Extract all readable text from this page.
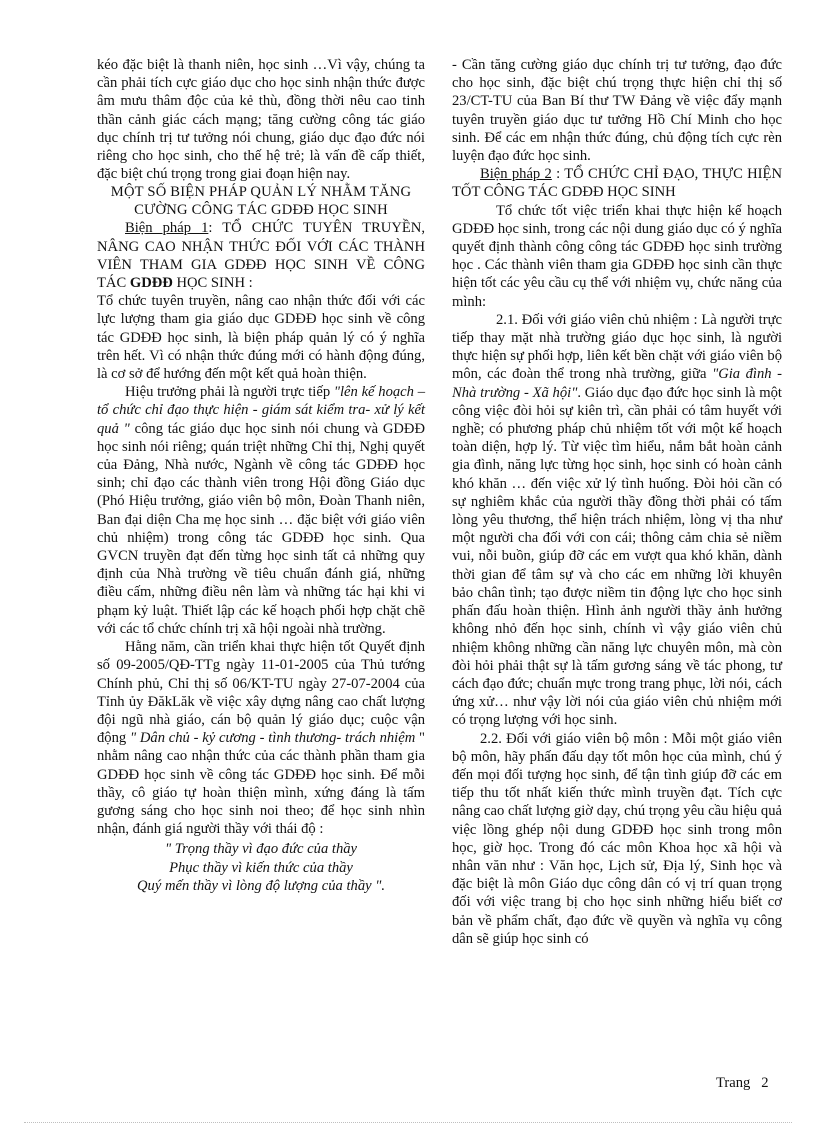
kéo đặc biệt là thanh niên, học sinh …Vì vậy, chúng ta cần phải tích cực giáo dục cho học sinh nhận thức được âm mưu thâm độc của kẻ thù, đồng thời nêu cao tinh thần cảnh giác cách mạng; tăng cường công tác giáo dục chính trị tư tưởng nói chung, giáo dục đạo đức nói riêng cho học sinh, cho thế hệ trẻ; là vấn đề cấp thiết, đặc biệt chú trọng trong giai đoạn hiện nay.

MỘT SỐ BIỆN PHÁP QUẢN LÝ NHẰM TĂNG CƯỜNG CÔNG TÁC GDĐĐ HỌC SINH

Biện pháp 1: TỔ CHỨC TUYÊN TRUYỀN, NÂNG CAO NHẬN THỨC ĐỐI VỚI CÁC THÀNH VIÊN THAM GIA GDĐĐ HỌC SINH VỀ CÔNG TÁC GDĐĐ HỌC SINH :

Tổ chức tuyên truyền, nâng cao nhận thức đối với các lực lượng tham gia giáo dục GDĐĐ học sinh về công tác GDĐĐ học sinh, là biện pháp quản lý có ý nghĩa trên hết. Vì có nhận thức đúng mới có hành động đúng, là cơ sở để hướng đến một kết quả hoàn thiện.

Hiệu trưởng phải là người trực tiếp "lên kế hoạch – tổ chức chỉ đạo thực hiện - giám sát kiểm tra- xử lý kết quả " công tác giáo dục học sinh nói chung và GDĐĐ học sinh nói riêng; quán triệt những Chỉ thị, Nghị quyết của Đảng, Nhà nước, Ngành về công tác GDĐĐ học sinh; chỉ đạo các thành viên trong Hội đồng Giáo dục (Phó Hiệu trưởng, giáo viên bộ môn, Đoàn Thanh niên, Ban đại diện Cha mẹ học sinh … đặc biệt với giáo viên chủ nhiệm) trong công tác GDĐĐ học sinh. Qua GVCN truyền đạt đến từng học sinh tất cả những quy định của Nhà trường về tiêu chuẩn đánh giá, những điều cấm, những điều nên làm và những tác hại khi vi phạm kỷ luật. Thiết lập các kế hoạch phối hợp chặt chẽ với các tổ chức chính trị xã hội ngoài nhà trường.

Hằng năm, cần triển khai thực hiện tốt Quyết định số 09-2005/QĐ-TTg ngày 11-01-2005 của Thủ tướng Chính phủ, Chỉ thị số 06/KT-TU ngày 27-07-2004 của Tỉnh ủy ĐăkLăk về việc xây dựng nâng cao chất lượng đội ngũ nhà giáo, cán bộ quản lý giáo dục; cuộc vận động " Dân chủ - kỷ cương - tình thương- trách nhiệm " nhằm nâng cao nhận thức của các thành phần tham gia GDĐĐ học sinh về công tác GDĐĐ học sinh. Để mỗi thầy, cô giáo tự hoàn thiện mình, xứng đáng là tấm gương sáng cho học sinh noi theo; để học sinh nhìn nhận, đánh giá người thầy với thái độ :

" Trọng thầy vì đạo đức của thầy
Phục thầy vì kiến thức của thầy
Quý mến thầy vì lòng độ lượng của thầy ".

- Cần tăng cường giáo dục chính trị tư tưởng, đạo đức cho học sinh, đặc biệt chú trọng thực hiện chỉ thị số 23/CT-TU của Ban Bí thư TW Đảng về việc đẩy mạnh tuyên truyền giáo dục tư tưởng Hồ Chí Minh cho học sinh. Để các em nhận thức đúng, chủ động tích cực rèn luyện đạo đức học sinh.

Biện pháp 2 : TỔ CHỨC CHỈ ĐẠO, THỰC HIỆN TỐT CÔNG TÁC GDĐĐ HỌC SINH

Tổ chức tốt việc triển khai thực hiện kế hoạch GDĐĐ học sinh, trong các nội dung giáo dục có ý nghĩa quyết định thành công công tác GDĐĐ học sinh trường học . Các thành viên tham gia GDĐĐ học sinh cần thực hiện tốt các yêu cầu cụ thể với nhiệm vụ, chức năng của mình:

2.1. Đối với giáo viên chủ nhiệm : Là người trực tiếp thay mặt nhà trường giáo dục học sinh, là người thực hiện sự phối hợp, liên kết bền chặt với giáo viên bộ môn, các đoàn thể trong nhà trường, giữa "Gia đình - Nhà trường - Xã hội". Giáo dục đạo đức học sinh là một công việc đòi hỏi sự kiên trì, cần phải có tâm huyết với nghề; có phương pháp chủ nhiệm tốt với một kế hoạch toàn diện, hợp lý. Từ việc tìm hiểu, nắm bắt hoàn cảnh gia đình, năng lực từng học sinh, học sinh có hoàn cảnh khó khăn … đến việc xử lý tình huống. Đòi hỏi cần có sự nghiêm khắc của người thầy đồng thời phải có tấm lòng yêu thương, thể hiện trách nhiệm, lòng vị tha như một người cha đối với con cái; thông cảm chia sẻ niềm vui, nỗi buồn, giúp đỡ các em vượt qua khó khăn, dành thời gian để tâm sự và cho các em những lời khuyên bảo chân tình; tạo được niềm tin động lực cho học sinh phấn đấu hoàn thiện. Hình ảnh người thầy ảnh hưởng không nhỏ đến học sinh, chính vì vậy giáo viên chủ nhiệm không những cần năng lực chuyên môn, mà còn đòi hỏi phải thật sự là tấm gương sáng về tác phong, tư cách đạo đức; chuẩn mực trong trang phục, lời nói, cách ứng xử… như vậy lời nói của giáo viên chủ nhiệm mới có trọng lượng với học sinh.

2.2. Đối với giáo viên bộ môn : Mỗi một giáo viên bộ môn, hãy phấn đấu dạy tốt môn học của mình, chú ý đến mọi đối tượng học sinh, để tận tình giúp đỡ các em tiếp thu tốt nhất kiến thức mình truyền đạt. Tích cực nâng cao chất lượng giờ dạy, chú trọng yêu cầu hiệu quả việc lồng ghép nội dung GDĐĐ học sinh trong môn học, giờ học. Trong đó các môn Khoa học xã hội và nhân văn như : Văn học, Lịch sử, Địa lý, Sinh học và đặc biệt là môn Giáo dục công dân có vị trí quan trọng đối với việc trang bị cho học sinh những hiểu biết cơ bản về phẩm chất, đạo đức về quyền và nghĩa vụ công dân sẽ giúp học sinh có

Trang 2
